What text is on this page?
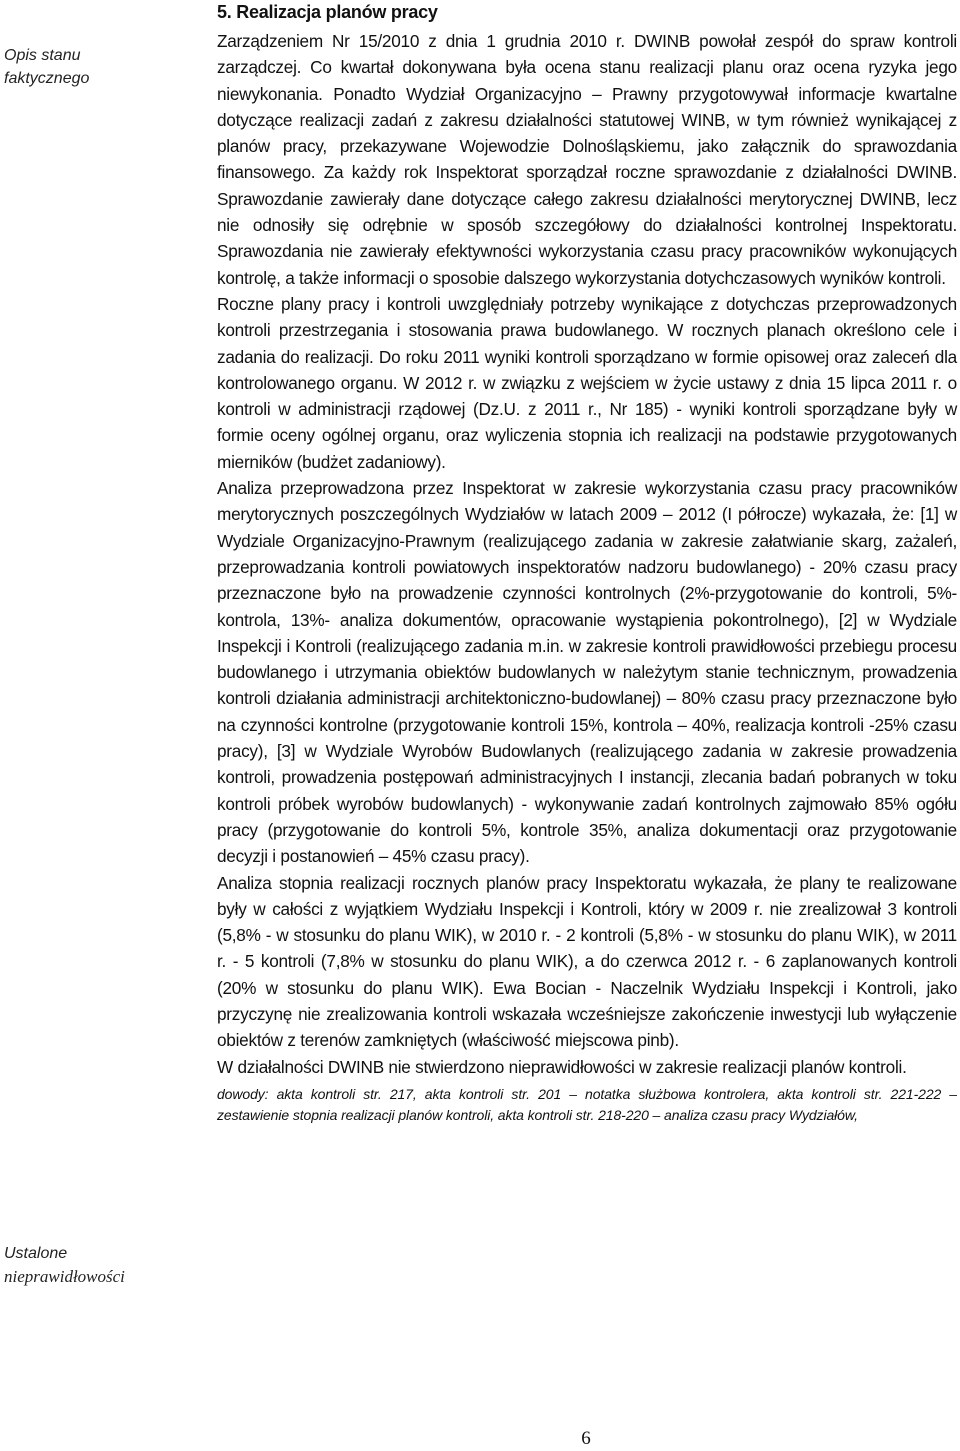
Opis stanu faktycznego
Ustalone
nieprawidłowości
5. Realizacja planów pracy

Zarządzeniem Nr 15/2010 z dnia 1 grudnia 2010 r. DWINB powołał zespół do spraw kontroli zarządczej. Co kwartał dokonywana była ocena stanu realizacji planu oraz ocena ryzyka jego niewykonania. Ponadto Wydział Organizacyjno – Prawny przygotowywał informacje kwartalne dotyczące realizacji zadań z zakresu działalności statutowej WINB, w tym również wynikającej z planów pracy, przekazywane Wojewodzie Dolnośląskiemu, jako załącznik do sprawozdania finansowego. Za każdy rok Inspektorat sporządzał roczne sprawozdanie z działalności DWINB. Sprawozdanie zawierały dane dotyczące całego zakresu działalności merytorycznej DWINB, lecz nie odnosiły się odrębnie w sposób szczegółowy do działalności kontrolnej Inspektoratu. Sprawozdania nie zawierały efektywności wykorzystania czasu pracy pracowników wykonujących kontrolę, a także informacji o sposobie dalszego wykorzystania dotychczasowych wyników kontroli.

Roczne plany pracy i kontroli uwzględniały potrzeby wynikające z dotychczas przeprowadzonych kontroli przestrzegania i stosowania prawa budowlanego. W rocznych planach określono cele i zadania do realizacji. Do roku 2011 wyniki kontroli sporządzano w formie opisowej oraz zaleceń dla kontrolowanego organu. W 2012 r. w związku z wejściem w życie ustawy z dnia 15 lipca 2011 r. o kontroli w administracji rządowej (Dz.U. z 2011 r., Nr 185) - wyniki kontroli sporządzane były w formie oceny ogólnej organu, oraz wyliczenia stopnia ich realizacji na podstawie przygotowanych mierników (budżet zadaniowy).

Analiza przeprowadzona przez Inspektorat w zakresie wykorzystania czasu pracy pracowników merytorycznych poszczególnych Wydziałów w latach 2009 – 2012 (I półrocze) wykazała, że: [1] w Wydziale Organizacyjno-Prawnym (realizującego zadania w zakresie załatwianie skarg, zażaleń, przeprowadzania kontroli powiatowych inspektoratów nadzoru budowlanego) - 20% czasu pracy przeznaczone było na prowadzenie czynności kontrolnych (2%-przygotowanie do kontroli, 5%- kontrola, 13%- analiza dokumentów, opracowanie wystąpienia pokontrolnego), [2] w Wydziale Inspekcji i Kontroli (realizującego zadania m.in. w zakresie kontroli prawidłowości przebiegu procesu budowlanego i utrzymania obiektów budowlanych w należytym stanie technicznym, prowadzenia kontroli działania administracji architektoniczno-budowlanej) – 80% czasu pracy przeznaczone było na czynności kontrolne (przygotowanie kontroli 15%, kontrola – 40%, realizacja kontroli -25% czasu pracy), [3] w Wydziale Wyrobów Budowlanych (realizującego zadania w zakresie prowadzenia kontroli, prowadzenia postępowań administracyjnych I instancji, zlecania badań pobranych w toku kontroli próbek wyrobów budowlanych) - wykonywanie zadań kontrolnych zajmowało 85% ogółu pracy (przygotowanie do kontroli 5%, kontrole 35%, analiza dokumentacji oraz przygotowanie decyzji i postanowień – 45% czasu pracy).

Analiza stopnia realizacji rocznych planów pracy Inspektoratu wykazała, że plany te realizowane były w całości z wyjątkiem Wydziału Inspekcji i Kontroli, który w 2009 r. nie zrealizował 3 kontroli (5,8% - w stosunku do planu WIK), w 2010 r. - 2 kontroli (5,8% - w stosunku do planu WIK), w 2011 r. - 5 kontroli (7,8% w stosunku do planu WIK), a do czerwca 2012 r. - 6 zaplanowanych kontroli (20% w stosunku do planu WIK). Ewa Bocian - Naczelnik Wydziału Inspekcji i Kontroli, jako przyczynę nie zrealizowania kontroli wskazała wcześniejsze zakończenie inwestycji lub wyłączenie obiektów z terenów zamkniętych (właściwość miejscowa pinb).

W działalności DWINB nie stwierdzono nieprawidłowości w zakresie realizacji planów kontroli.

dowody: akta kontroli str. 217, akta kontroli str. 201 – notatka służbowa kontrolera, akta kontroli str. 221-222 – zestawienie stopnia realizacji planów kontroli, akta kontroli str. 218-220 – analiza czasu pracy Wydziałów,

6
